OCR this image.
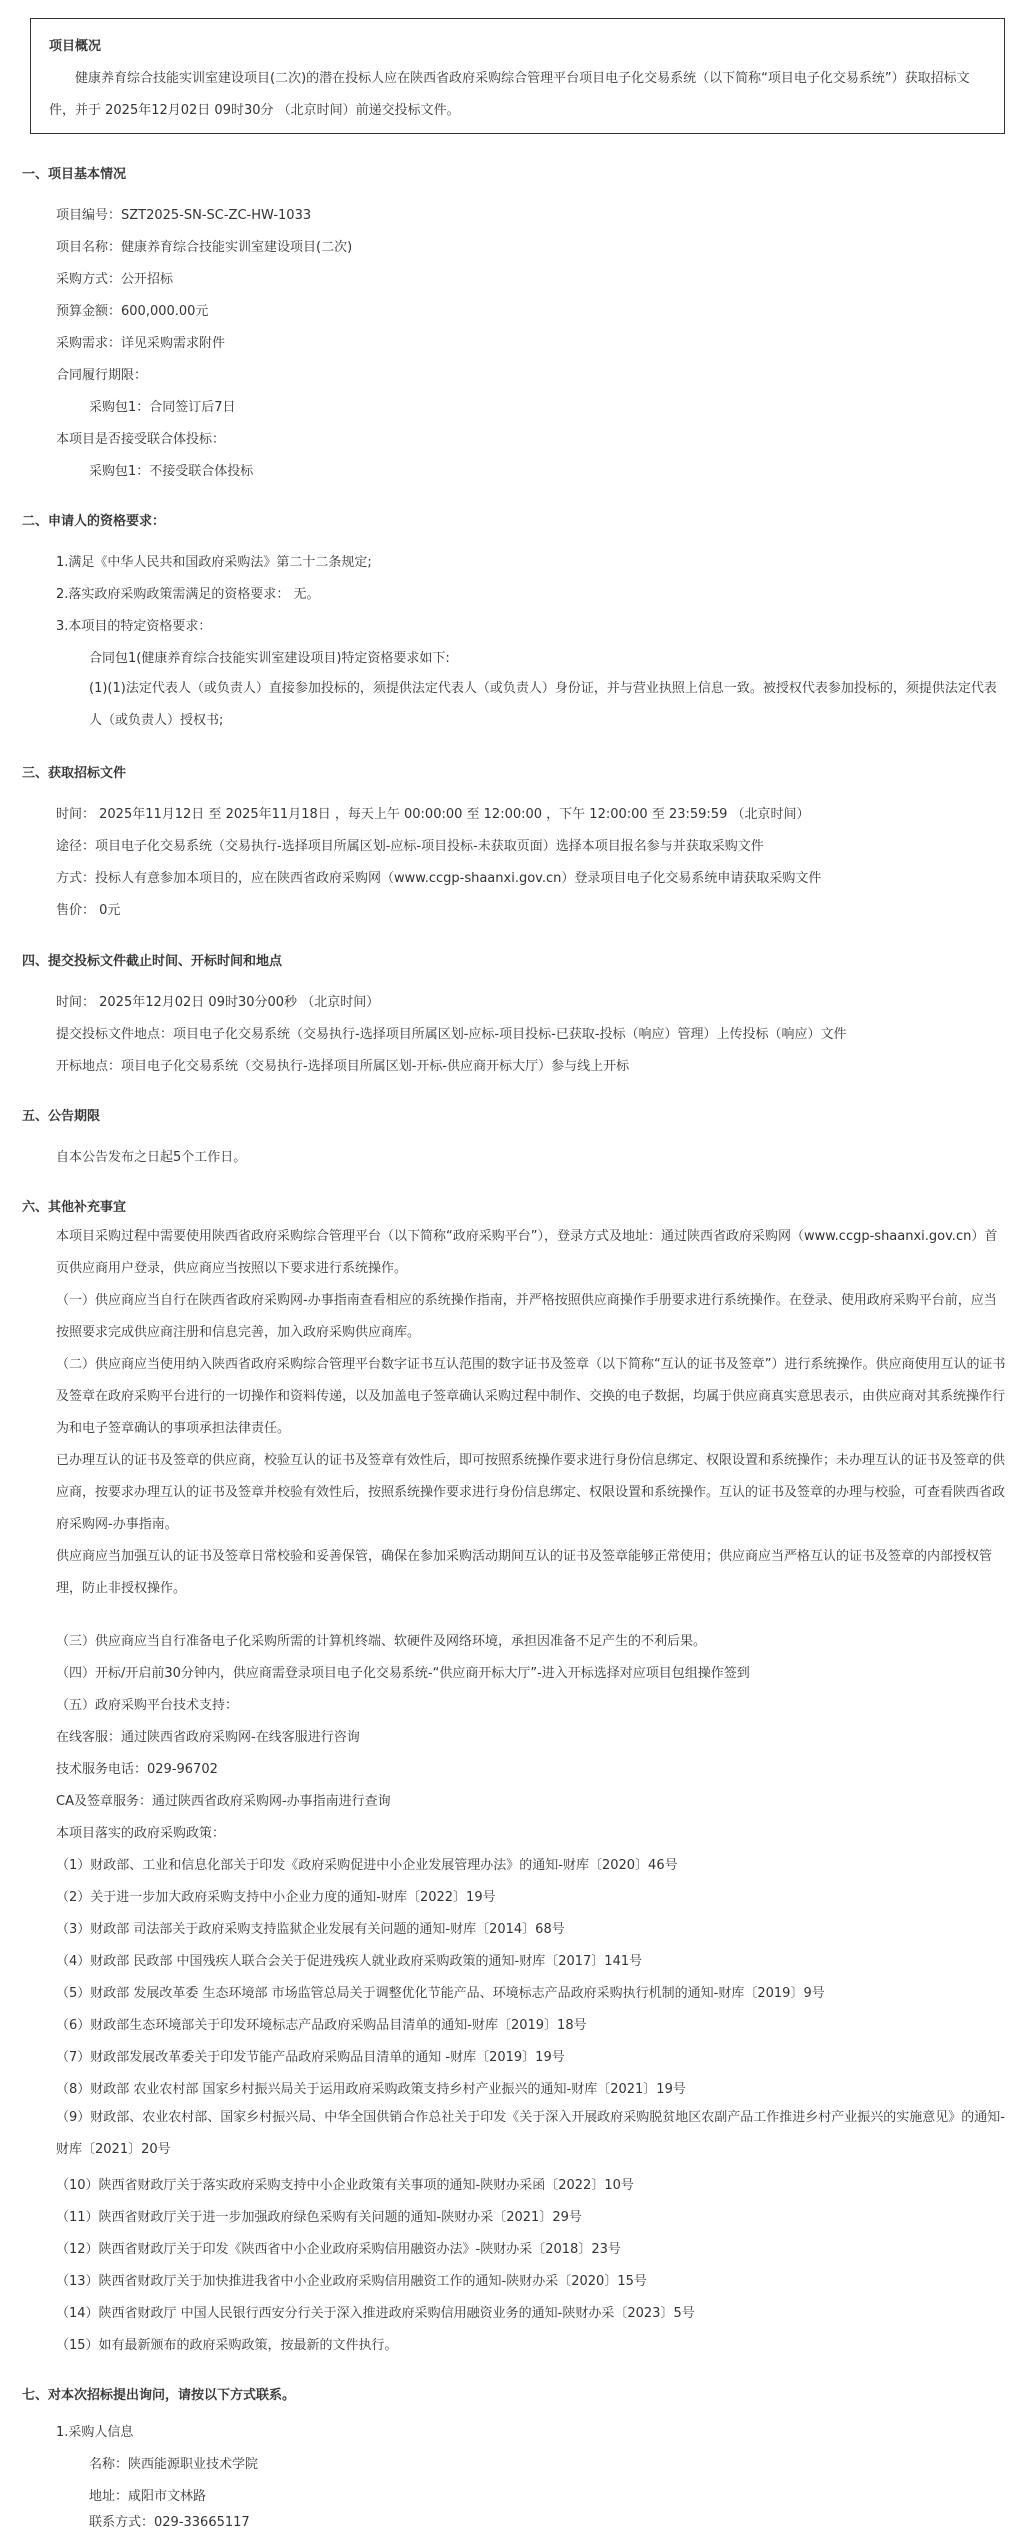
项目概况
健康养育综合技能实训室建设项目(二次)的潜在投标人应在陕西省政府采购综合管理平台项目电子化交易系统（以下简称“项目电子化交易系统”）获取招标文件，并于 2025年12月02日 09时30分 （北京时间）前递交投标文件。
一、项目基本情况
项目编号：SZT2025-SN-SC-ZC-HW-1033
项目名称：健康养育综合技能实训室建设项目(二次)
采购方式：公开招标
预算金额：600,000.00元
采购需求：详见采购需求附件
合同履行期限：
采购包1：合同签订后7日
本项目是否接受联合体投标：
采购包1：不接受联合体投标
二、申请人的资格要求：
1.满足《中华人民共和国政府采购法》第二十二条规定;
2.落实政府采购政策需满足的资格要求： 无。
3.本项目的特定资格要求：
合同包1(健康养育综合技能实训室建设项目)特定资格要求如下:
(1)(1)法定代表人（或负责人）直接参加投标的，须提供法定代表人（或负责人）身份证，并与营业执照上信息一致。被授权代表参加投标的，须提供法定代表人（或负责人）授权书;
三、获取招标文件
时间： 2025年11月12日 至 2025年11月18日 ，每天上午 00:00:00 至 12:00:00 ，下午 12:00:00 至 23:59:59 （北京时间）
途径：项目电子化交易系统（交易执行-选择项目所属区划-应标-项目投标-未获取页面）选择本项目报名参与并获取采购文件
方式：投标人有意参加本项目的，应在陕西省政府采购网（www.ccgp-shaanxi.gov.cn）登录项目电子化交易系统申请获取采购文件
售价： 0元
四、提交投标文件截止时间、开标时间和地点
时间： 2025年12月02日 09时30分00秒 （北京时间）
提交投标文件地点：项目电子化交易系统（交易执行-选择项目所属区划-应标-项目投标-已获取-投标（响应）管理）上传投标（响应）文件
开标地点：项目电子化交易系统（交易执行-选择项目所属区划-开标-供应商开标大厅）参与线上开标
五、公告期限
自本公告发布之日起5个工作日。
六、其他补充事宜
本项目采购过程中需要使用陕西省政府采购综合管理平台（以下简称“政府采购平台”），登录方式及地址：通过陕西省政府采购网（www.ccgp-shaanxi.gov.cn）首页供应商用户登录，供应商应当按照以下要求进行系统操作。
（一）供应商应当自行在陕西省政府采购网-办事指南查看相应的系统操作指南，并严格按照供应商操作手册要求进行系统操作。在登录、使用政府采购平台前，应当按照要求完成供应商注册和信息完善，加入政府采购供应商库。
（二）供应商应当使用纳入陕西省政府采购综合管理平台数字证书互认范围的数字证书及签章（以下简称“互认的证书及签章”）进行系统操作。供应商使用互认的证书及签章在政府采购平台进行的一切操作和资料传递，以及加盖电子签章确认采购过程中制作、交换的电子数据，均属于供应商真实意思表示，由供应商对其系统操作行为和电子签章确认的事项承担法律责任。
已办理互认的证书及签章的供应商，校验互认的证书及签章有效性后，即可按照系统操作要求进行身份信息绑定、权限设置和系统操作；未办理互认的证书及签章的供应商，按要求办理互认的证书及签章并校验有效性后，按照系统操作要求进行身份信息绑定、权限设置和系统操作。互认的证书及签章的办理与校验，可查看陕西省政府采购网-办事指南。
供应商应当加强互认的证书及签章日常校验和妥善保管，确保在参加采购活动期间互认的证书及签章能够正常使用；供应商应当严格互认的证书及签章的内部授权管理，防止非授权操作。
（三）供应商应当自行准备电子化采购所需的计算机终端、软硬件及网络环境，承担因准备不足产生的不利后果。
（四）开标/开启前30分钟内，供应商需登录项目电子化交易系统-“供应商开标大厅”-进入开标选择对应项目包组操作签到
（五）政府采购平台技术支持：
在线客服：通过陕西省政府采购网-在线客服进行咨询
技术服务电话：029-96702
CA及签章服务：通过陕西省政府采购网-办事指南进行查询
本项目落实的政府采购政策：
（1）财政部、工业和信息化部关于印发《政府采购促进中小企业发展管理办法》的通知-财库〔2020〕46号
（2）关于进一步加大政府采购支持中小企业力度的通知-财库〔2022〕19号
（3）财政部 司法部关于政府采购支持监狱企业发展有关问题的通知-财库〔2014〕68号
（4）财政部 民政部 中国残疾人联合会关于促进残疾人就业政府采购政策的通知-财库〔2017〕141号
（5）财政部 发展改革委 生态环境部 市场监管总局关于调整优化节能产品、环境标志产品政府采购执行机制的通知-财库〔2019〕9号
（6）财政部生态环境部关于印发环境标志产品政府采购品目清单的通知-财库〔2019〕18号
（7）财政部发展改革委关于印发节能产品政府采购品目清单的通知 -财库〔2019〕19号
（8）财政部 农业农村部 国家乡村振兴局关于运用政府采购政策支持乡村产业振兴的通知-财库〔2021〕19号
（9）财政部、农业农村部、国家乡村振兴局、中华全国供销合作总社关于印发《关于深入开展政府采购脱贫地区农副产品工作推进乡村产业振兴的实施意见》的通知-财库〔2021〕20号
（10）陕西省财政厅关于落实政府采购支持中小企业政策有关事项的通知-陕财办采函〔2022〕10号
（11）陕西省财政厅关于进一步加强政府绿色采购有关问题的通知-陕财办采〔2021〕29号
（12）陕西省财政厅关于印发《陕西省中小企业政府采购信用融资办法》-陕财办采〔2018〕23号
（13）陕西省财政厅关于加快推进我省中小企业政府采购信用融资工作的通知-陕财办采〔2020〕15号
（14）陕西省财政厅 中国人民银行西安分行关于深入推进政府采购信用融资业务的通知-陕财办采〔2023〕5号
（15）如有最新颁布的政府采购政策，按最新的文件执行。
七、对本次招标提出询问，请按以下方式联系。
1.采购人信息
名称：陕西能源职业技术学院
地址：咸阳市文林路
联系方式：029-33665117
